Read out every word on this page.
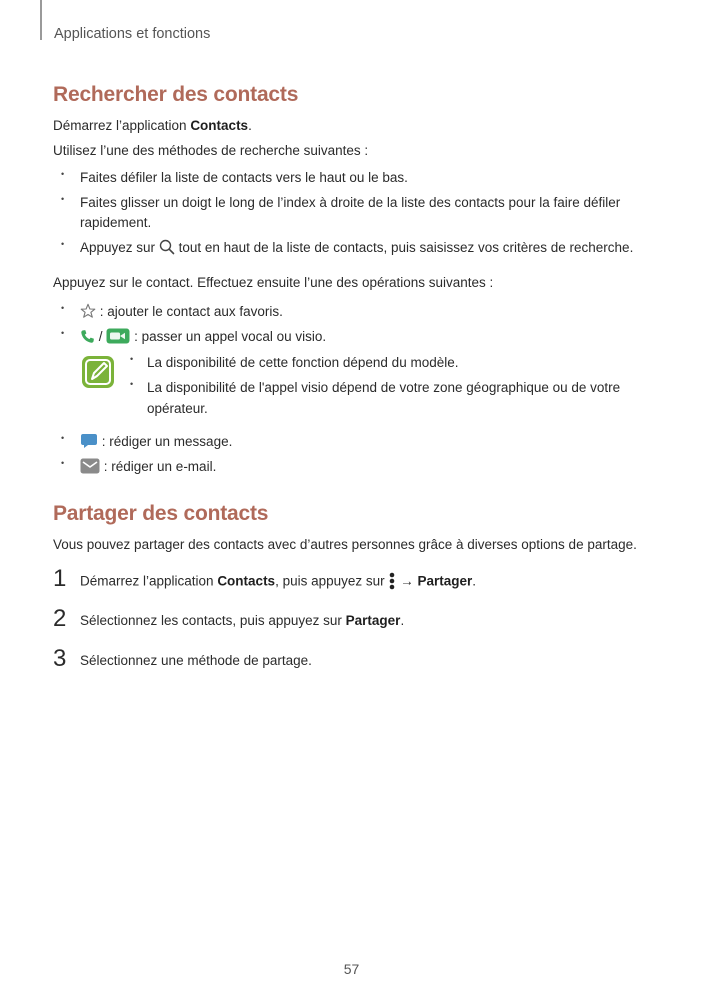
Applications et fonctions
Rechercher des contacts
Démarrez l’application Contacts.
Utilisez l’une des méthodes de recherche suivantes :
• Faites défiler la liste de contacts vers le haut ou le bas.
• Faites glisser un doigt le long de l’index à droite de la liste des contacts pour la faire défiler
rapidement.
• Appuyez sur tout en haut de la liste de contacts, puis saisissez vos critères de recherche.
Appuyez sur le contact. Effectuez ensuite l’une des opérations suivantes :
• : ajouter le contact aux favoris.
• / : passer un appel vocal ou visio.
• La disponibilité de cette fonction dépend du modèle.
• La disponibilité de l'appel visio dépend de votre zone géographique ou de votre
opérateur.
• : rédiger un message.
• : rédiger un e-mail.
Partager des contacts
Vous pouvez partager des contacts avec d’autres personnes grâce à diverses options de partage.
1 Démarrez l’application Contacts, puis appuyez sur  → Partager.
2 Sélectionnez les contacts, puis appuyez sur Partager.
3 Sélectionnez une méthode de partage.
57
